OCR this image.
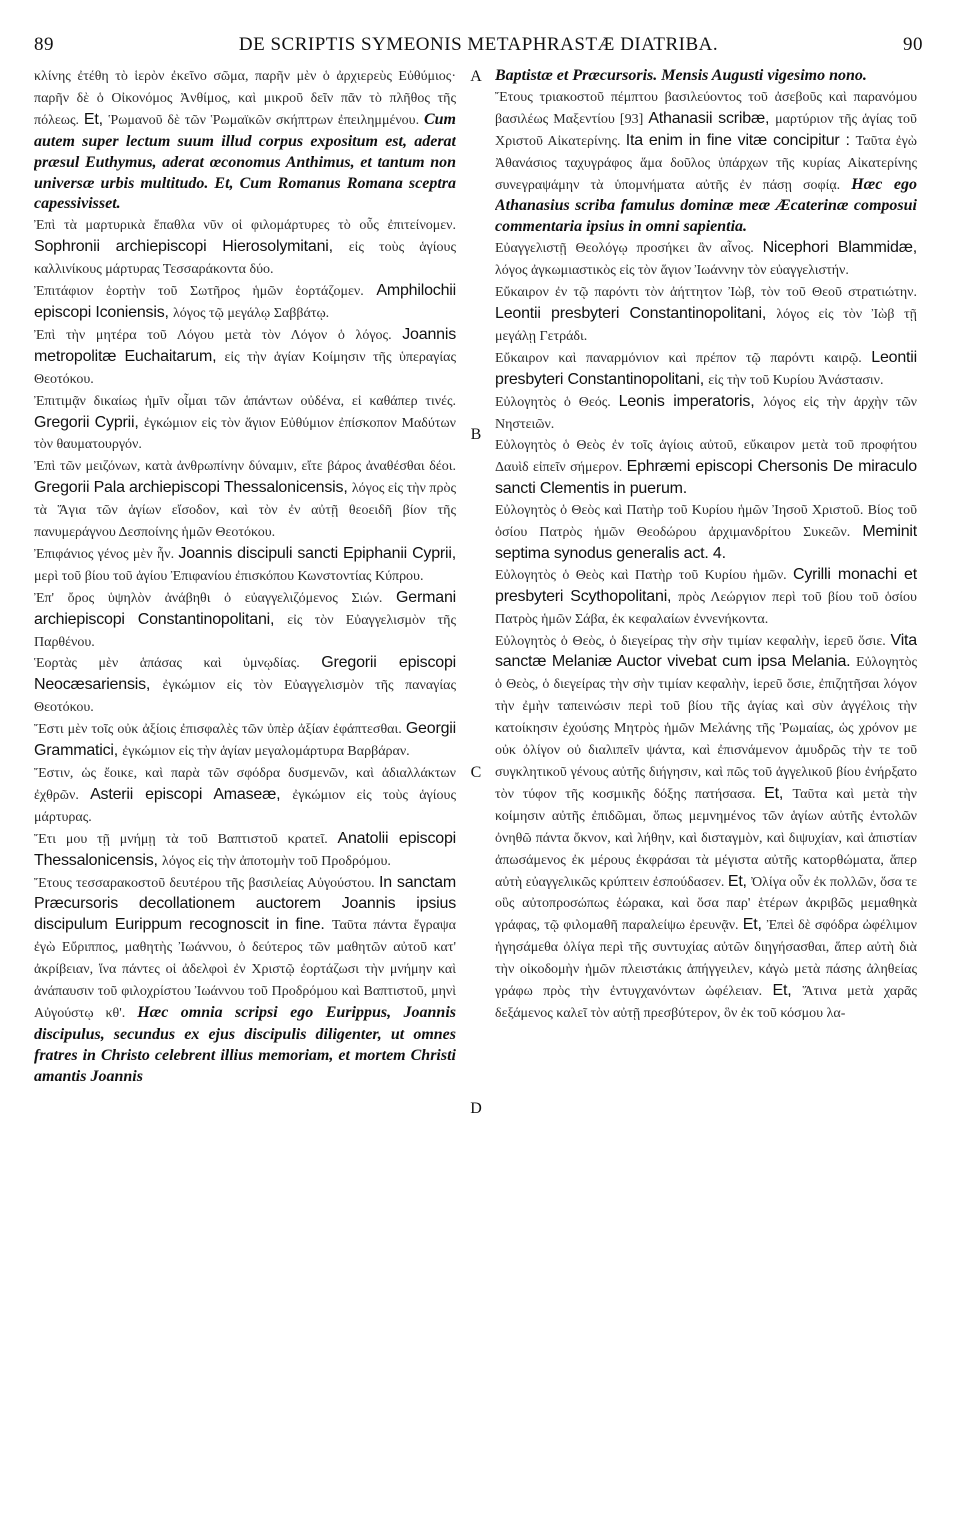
89	DE SCRIPTIS SYMEONIS METAPHRASTÆ DIATRIBA.	90

κλίνης ἐτέθη τὸ ἱερὸν ἐκεῖνο σῶμα, παρῆν μὲν ὁ ἀρχιερεὺς Εὐθύμιος· παρῆν δὲ ὁ Οἰκονόμος Ἀνθίμος, καὶ μικροῦ δεῖν πᾶν τὸ πλῆθος τῆς πόλεως. Et, Ῥωμανοῦ δὲ τῶν Ῥωμαϊκῶν σκήπτρων ἐπειλημμένου. Cum autem super lectum suum illud corpus expositum est, aderat præsul Euthymus, aderat œconomus Anthimus, et tantum non universæ urbis multitudo. Et, Cum Romanus Romana sceptra capessivisset.

Ἐπὶ τὰ μαρτυρικὰ ἔπαθλα νῦν οἱ φιλομάρτυρες τὸ οὖς ἐπιτείνομεν. Sophronii archiepiscopi Hierosolymitani, εἰς τοὺς ἁγίους καλλινίκους μάρτυρας Τεσσαράκοντα δύο.

Ἐπιτάφιον ἑορτὴν τοῦ Σωτῆρος ἡμῶν ἑορτάζομεν. Amphilochii episcopi Iconiensis, λόγος τῷ μεγάλῳ Σαββάτῳ.

Ἐπὶ τὴν μητέρα τοῦ Λόγου μετὰ τὸν Λόγον ὁ λόγος. Joannis metropolitæ Euchaitarum, εἰς τὴν ἁγίαν Κοίμησιν τῆς ὑπεραγίας Θεοτόκου.

Ἐπιτιμᾷν δικαίως ἡμῖν οἶμαι τῶν ἁπάντων οὐδένα, εἰ καθάπερ τινές. Gregorii Cyprii, ἐγκώμιον εἰς τὸν ἅγιον Εὐθύμιον ἐπίσκοπον Μαδύτων τὸν θαυματουργόν.

Ἐπὶ τῶν μειζόνων, κατὰ ἀνθρωπίνην δύναμιν, εἴτε βάρος ἀναθέσθαι δέοι. Gregorii Pala archiepiscopi Thessalonicensis, λόγος εἰς τὴν πρὸς τὰ Ἅγια τῶν ἁγίων εἴσοδον, καὶ τὸν ἐν αὐτῇ θεοειδῆ βίον τῆς πανυμεράγνου Δεσποίνης ἡμῶν Θεοτόκου.

Ἐπιφάνιος γένος μὲν ἦν. Joannis discipuli sancti Epiphanii Cyprii, μερὶ τοῦ βίου τοῦ ἁγίου Ἐπιφανίου ἐπισκόπου Κωνστοντίας Κύπρου.

Ἐπ' ὄρος ὑψηλὸν ἀνάβηθι ὁ εὐαγγελιζόμενος Σιών. Germani archiepiscopi Constantinopolitani, εἰς τὸν Εὐαγγελισμὸν τῆς Παρθένου.

Ἑορτὰς μὲν ἁπάσας καὶ ὑμνῳδίας. Gregorii episcopi Neocæsariensis, ἐγκώμιον εἰς τὸν Εὐαγγελισμὸν τῆς παναγίας Θεοτόκου.

Ἔστι μὲν τοῖς οὐκ ἀξίοις ἐπισφαλὲς τῶν ὑπὲρ ἀξίαν ἐφάπτεσθαι. Georgii Grammatici, ἐγκώμιον εἰς τὴν ἁγίαν μεγαλομάρτυρα Βαρβάραν.

Ἔστιν, ὡς ἔοικε, καὶ παρὰ τῶν σφόδρα δυσμενῶν, καὶ ἀδιαλλάκτων ἐχθρῶν. Asterii episcopi Amaseæ, ἐγκώμιον εἰς τοὺς ἁγίους μάρτυρας.

Ἔτι μου τῇ μνήμῃ τὰ τοῦ Βαπτιστοῦ κρατεῖ. Anatolii episcopi Thessalonicensis, λόγος εἰς τὴν ἀποτομὴν τοῦ Προδρόμου.

Ἔτους τεσσαρακοστοῦ δευτέρου τῆς βασιλείας Αὐγούστου. In sanctam Præcursoris decollationem auctorem Joannis ipsius discipulum Eurippum recognoscit in fine. Ταῦτα πάντα ἔγραψα ἐγὼ Εὔριππος, μαθητὴς Ἰωάννου, ὁ δεύτερος τῶν μαθητῶν αὐτοῦ κατ' ἀκρίβειαν, ἵνα πάντες οἱ ἀδελφοὶ ἐν Χριστῷ ἐορτάζωσι τὴν μνήμην καὶ ἀνάπαυσιν τοῦ φιλοχρίστου Ἰωάννου τοῦ Προδρόμου καὶ Βαπτιστοῦ, μηνὶ Αὐγούστῳ κθ'. Hæc omnia scripsi ego Eurippus, Joannis discipulus, secundus ex ejus discipulis diligenter, ut omnes fratres in Christo celebrent illius memoriam, et mortem Christi amantis Joannis

Baptistæ et Præcursoris. Mensis Augusti vigesimo nono.

Ἔτους τριακοστοῦ πέμπτου βασιλεύοντος τοῦ ἀσεβοῦς καὶ παρανόμου βασιλέως Μαξεντίου [93] Athanasii scribæ, μαρτύριον τῆς ἁγίας τοῦ Χριστοῦ Αἰκατερίνης. Ita enim in fine vitæ concipitur : Ταῦτα ἐγὼ Ἀθανάσιος ταχυγράφος ἅμα δοῦλος ὑπάρχων τῆς κυρίας Αἰκατερίνης συνεγραψάμην τὰ ὑπομνήματα αὐτῆς ἐν πάσῃ σοφίᾳ. Hæc ego Athanasius scriba famulus dominæ meæ Æcaterinæ composui commentaria ipsius in omni sapientia.

Εὐαγγελιστῇ Θεολόγῳ προσήκει ἂν αἶνος. Nicephori Blammidæ, λόγος ἀγκωμιαστικὸς εἰς τὸν ἅγιον Ἰωάννην τὸν εὐαγγελιστήν.

Εὔκαιρον ἐν τῷ παρόντι τὸν ἀήττητον Ἰὼβ, τὸν τοῦ Θεοῦ στρατιώτην. Leontii presbyteri Constantinopolitani, λόγος εἰς τὸν Ἰὼβ τῇ μεγάλῃ Γετράδι.

Εὔκαιρον καὶ παναρμόνιον καὶ πρέπον τῷ παρόντι καιρῷ. Leontii presbyteri Constantinopolitani, εἰς τὴν τοῦ Κυρίου Ἀνάστασιν.

Εὐλογητὸς ὁ Θεός. Leonis imperatoris, λόγος εἰς τὴν ἀρχὴν τῶν Νηστειῶν.

Εὐλογητὸς ὁ Θεὸς ἐν τοῖς ἁγίοις αὐτοῦ, εὔκαιρον μετὰ τοῦ προφήτου Δαυὶδ εἰπεῖν σήμερον. Ephræmi episcopi Chersonis De miraculo sancti Clementis in puerum.

Εὐλογητὸς ὁ Θεὸς καὶ Πατὴρ τοῦ Κυρίου ἡμῶν Ἰησοῦ Χριστοῦ. Βίος τοῦ ὁσίου Πατρὸς ἡμῶν Θεοδώρου ἀρχιμανδρίτου Συκεῶν. Meminit septima synodus generalis act. 4.

Εὐλογητὸς ὁ Θεὸς καὶ Πατὴρ τοῦ Κυρίου ἡμῶν. Cyrilli monachi et presbyteri Scythopolitani, πρὸς Λεώργιον περὶ τοῦ βίου τοῦ ὁσίου Πατρὸς ἡμῶν Σάβα, ἐκ κεφαλαίων ἐννενήκοντα.

Εὐλογητὸς ὁ Θεὸς, ὁ διεγείρας τὴν σὴν τιμίαν κεφαλὴν, ἱερεῦ ὅσιε. Vita sanctæ Melaniæ Auctor vivebat cum ipsa Melania. Εὐλογητὸς ὁ Θεὸς, ὁ διεγείρας τὴν σὴν τιμίαν κεφαλὴν, ἱερεῦ ὅσιε, ἐπιζητῆσαι λόγον τὴν ἐμὴν ταπεινώσιν περὶ τοῦ βίου τῆς ἁγίας καὶ σὺν ἀγγέλοις τὴν κατοίκησιν ἐχούσης Μητρὸς ἡμῶν Μελάνης τῆς Ῥωμαίας, ὡς χρόνον με οὐκ ὀλίγον οὐ διαλιπεῖν ψάντα, καὶ ἐπισνάμενον ἀμυδρῶς τὴν τε τοῦ συγκλητικοῦ γένους αὐτῆς διήγησιν, καὶ πῶς τοῦ ἀγγελικοῦ βίου ἐνήρξατο τὸν τύφον τῆς κοσμικῆς δόξης πατήσασα. Et, Ταῦτα καὶ μετὰ τὴν κοίμησιν αὐτῆς ἐπιδῶμαι, ὅπως μεμνημένος τῶν ἁγίων αὐτῆς ἐντολῶν ὀνηθῶ πάντα ὄκνον, καὶ λήθην, καὶ δισταγμὸν, καὶ διψυχίαν, καὶ ἀπιστίαν ἀπωσάμενος ἐκ μέρους ἐκφράσαι τὰ μέγιστα αὐτῆς κατορθώματα, ἅπερ αὐτὴ εὐαγγελικῶς κρύπτειν ἐσπούδασεν. Et, Ὀλίγα οὖν ἐκ πολλῶν, ὅσα τε οὓς αὐτοπροσώπως ἑώρακα, καὶ ὅσα παρ' ἑτέρων ἀκριβῶς μεμαθηκὰ γράφας, τῷ φιλομαθῆ παραλείψω ἐρευνᾷν. Et, Ἐπεὶ δὲ σφόδρα ὠφέλιμον ἡγησάμεθα ὀλίγα περὶ τῆς συντυχίας αὐτῶν διηγήσασθαι, ἅπερ αὐτὴ διὰ τὴν οἰκοδομὴν ἡμῶν πλειστάκις ἀπήγγειλεν, κἀγὼ μετὰ πάσης ἀληθείας γράφω πρὸς τὴν ἐντυγχανόντων ὠφέλειαν. Et, Ἅτινα μετὰ χαρᾶς δεξάμενος καλεῖ τὸν αὐτῇ πρεσβύτερον, ὃν ἐκ τοῦ κόσμου λα-

A
B
C
D
